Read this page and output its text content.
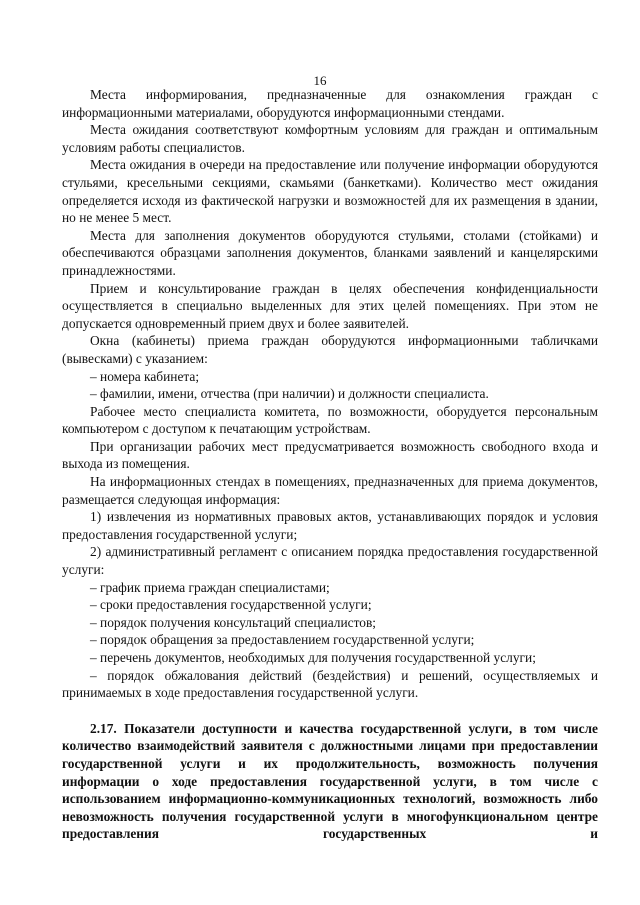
16

Места информирования, предназначенные для ознакомления граждан с информационными материалами, оборудуются информационными стендами.

Места ожидания соответствуют комфортным условиям для граждан и оптимальным условиям работы специалистов.

Места ожидания в очереди на предоставление или получение информации оборудуются стульями, кресельными секциями, скамьями (банкетками). Количество мест ожидания определяется исходя из фактической нагрузки и возможностей для их размещения в здании, но не менее 5 мест.

Места для заполнения документов оборудуются стульями, столами (стойками) и обеспечиваются образцами заполнения документов, бланками заявлений и канцелярскими принадлежностями.

Прием и консультирование граждан в целях обеспечения конфиденциальности осуществляется в специально выделенных для этих целей помещениях. При этом не допускается одновременный прием двух и более заявителей.

Окна (кабинеты) приема граждан оборудуются информационными табличками (вывесками) с указанием:

– номера кабинета;

– фамилии, имени, отчества (при наличии) и должности специалиста.

Рабочее место специалиста комитета, по возможности, оборудуется персональным компьютером с доступом к печатающим устройствам.

При организации рабочих мест предусматривается возможность свободного входа и выхода из помещения.

На информационных стендах в помещениях, предназначенных для приема документов, размещается следующая информация:

1) извлечения из нормативных правовых актов, устанавливающих порядок и условия предоставления государственной услуги;

2) административный регламент с описанием порядка предоставления государственной услуги:

– график приема граждан специалистами;

– сроки предоставления государственной услуги;

– порядок получения консультаций специалистов;

– порядок обращения за предоставлением государственной услуги;

– перечень документов, необходимых для получения государственной услуги;

– порядок обжалования действий (бездействия) и решений, осуществляемых и принимаемых в ходе предоставления государственной услуги.

2.17. Показатели доступности и качества государственной услуги, в том числе количество взаимодействий заявителя с должностными лицами при предоставлении государственной услуги и их продолжительность, возможность получения информации о ходе предоставления государственной услуги, в том числе с использованием информационно-коммуникационных технологий, возможность либо невозможность получения государственной услуги в многофункциональном центре предоставления государственных и
